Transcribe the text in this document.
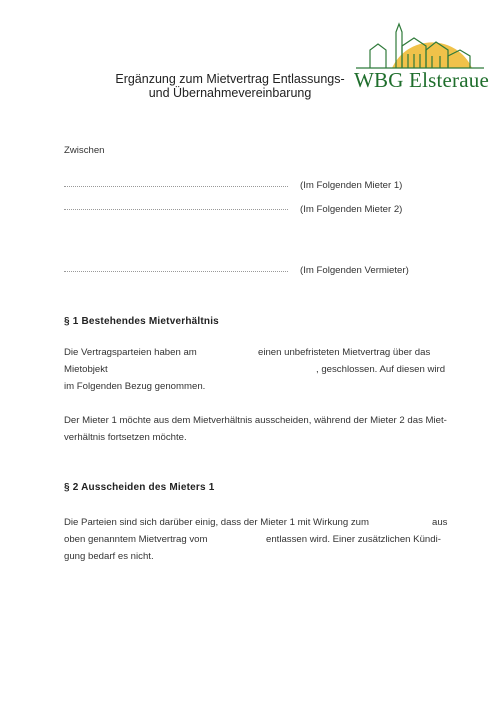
Ergänzung zum Mietvertrag Entlassungs-
und Übernahmevereinbarung
WBG Elsteraue
Zwischen
(Im Folgenden Mieter 1)
(Im Folgenden Mieter 2)
(Im Folgenden Vermieter)
§ 1 Bestehendes Mietverhältnis
Die Vertragsparteien haben am	einen unbefristeten Mietvertrag über das
Mietobjekt	, geschlossen. Auf diesen wird
im Folgenden Bezug genommen.
Der Mieter 1 möchte aus dem Mietverhältnis ausscheiden, während der Mieter 2 das Miet-
verhältnis fortsetzen möchte.
§ 2 Ausscheiden des Mieters 1
Die Parteien sind sich darüber einig, dass der Mieter 1 mit Wirkung zum	aus
oben genanntem Mietvertrag vom	entlassen wird. Einer zusätzlichen Kündi-
gung bedarf es nicht.
